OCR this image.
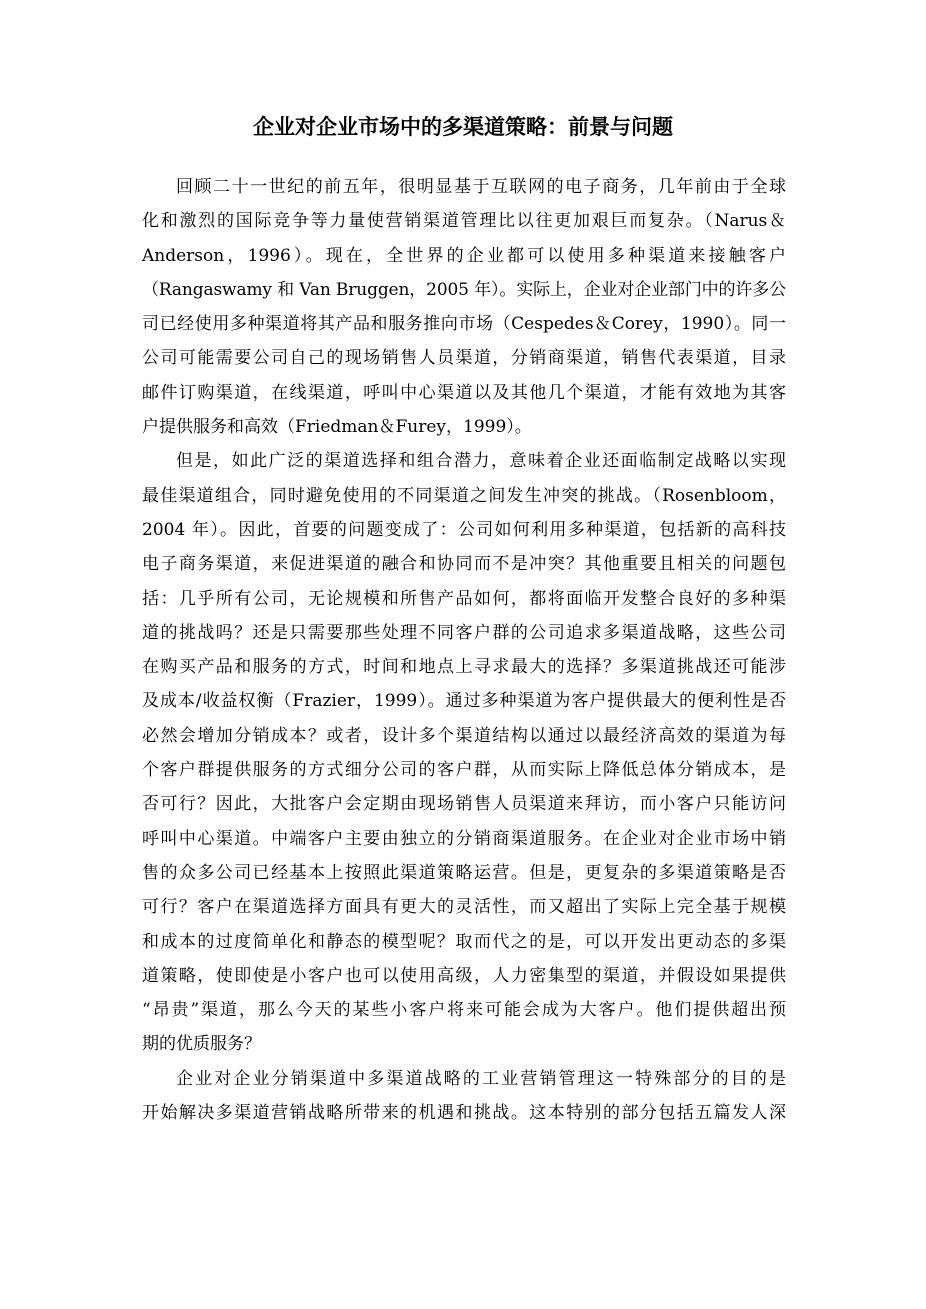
企业对企业市场中的多渠道策略：前景与问题
回顾二十一世纪的前五年，很明显基于互联网的电子商务，几年前由于全球
化和激烈的国际竞争等力量使营销渠道管理比以往更加艰巨而复杂。（Narus＆
Anderson，1996）。现在，全世界的企业都可以使用多种渠道来接触客户
（Rangaswamy 和 Van Bruggen，2005 年）。实际上，企业对企业部门中的许多公
司已经使用多种渠道将其产品和服务推向市场（Cespedes＆Corey，1990）。同一
公司可能需要公司自己的现场销售人员渠道，分销商渠道，销售代表渠道，目录
邮件订购渠道，在线渠道，呼叫中心渠道以及其他几个渠道，才能有效地为其客
户提供服务和高效（Friedman＆Furey，1999）。
但是，如此广泛的渠道选择和组合潜力，意味着企业还面临制定战略以实现
最佳渠道组合，同时避免使用的不同渠道之间发生冲突的挑战。（Rosenbloom，
2004 年）。因此，首要的问题变成了：公司如何利用多种渠道，包括新的高科技
电子商务渠道，来促进渠道的融合和协同而不是冲突？其他重要且相关的问题包
括：几乎所有公司，无论规模和所售产品如何，都将面临开发整合良好的多种渠
道的挑战吗？还是只需要那些处理不同客户群的公司追求多渠道战略，这些公司
在购买产品和服务的方式，时间和地点上寻求最大的选择？多渠道挑战还可能涉
及成本/收益权衡（Frazier，1999）。通过多种渠道为客户提供最大的便利性是否
必然会增加分销成本？或者，设计多个渠道结构以通过以最经济高效的渠道为每
个客户群提供服务的方式细分公司的客户群，从而实际上降低总体分销成本，是
否可行？因此，大批客户会定期由现场销售人员渠道来拜访，而小客户只能访问
呼叫中心渠道。中端客户主要由独立的分销商渠道服务。在企业对企业市场中销
售的众多公司已经基本上按照此渠道策略运营。但是，更复杂的多渠道策略是否
可行？客户在渠道选择方面具有更大的灵活性，而又超出了实际上完全基于规模
和成本的过度简单化和静态的模型呢？取而代之的是，可以开发出更动态的多渠
道策略，使即使是小客户也可以使用高级，人力密集型的渠道，并假设如果提供
“昂贵”渠道，那么今天的某些小客户将来可能会成为大客户。他们提供超出预
期的优质服务？
企业对企业分销渠道中多渠道战略的工业营销管理这一特殊部分的目的是
开始解决多渠道营销战略所带来的机遇和挑战。这本特别的部分包括五篇发人深
